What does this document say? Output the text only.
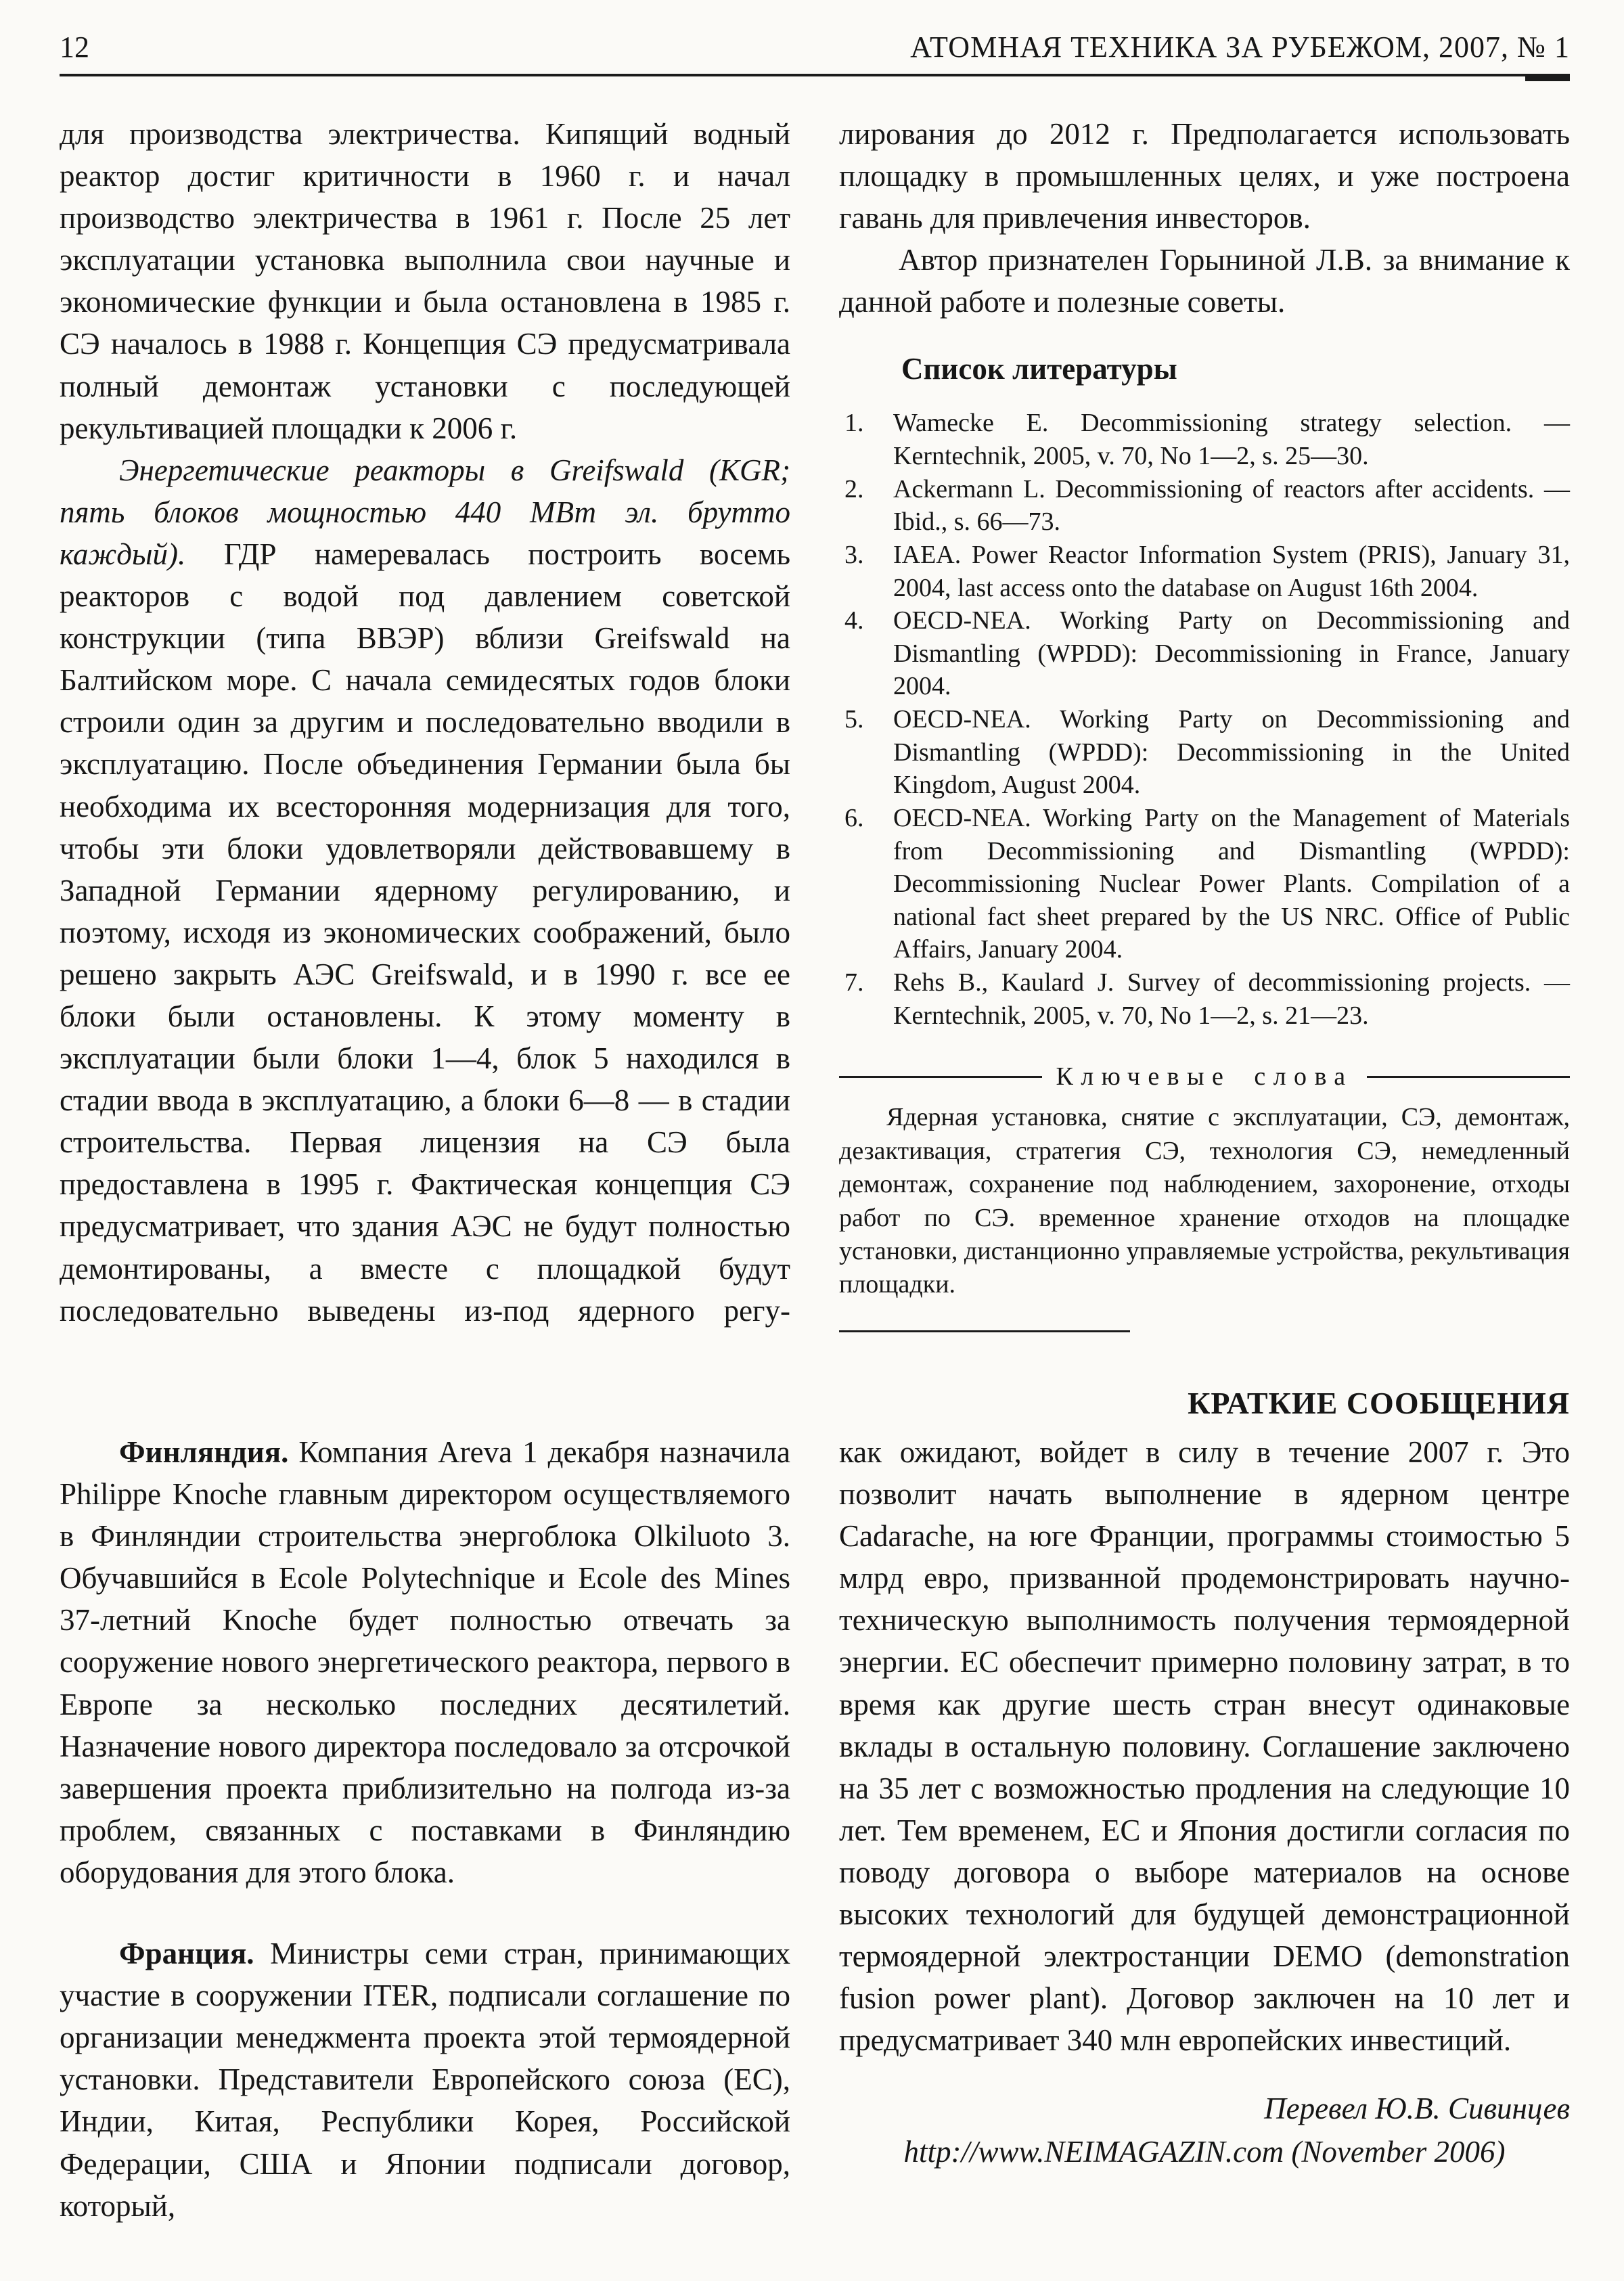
12	АТОМНАЯ ТЕХНИКА ЗА РУБЕЖОМ, 2007, № 1

для производства электричества. Кипящий водный реактор достиг критичности в 1960 г. и начал производство электричества в 1961 г. После 25 лет эксплуатации установка выполнила свои научные и экономические функции и была остановлена в 1985 г. СЭ началось в 1988 г. Концепция СЭ предусматривала полный демонтаж установки с последующей рекультивацией площадки к 2006 г.

Энергетические реакторы в Greifswald (KGR; пять блоков мощностью 440 МВт эл. брутто каждый). ГДР намеревалась построить восемь реакторов с водой под давлением советской конструкции (типа ВВЭР) вблизи Greifswald на Балтийском море. С начала семидесятых годов блоки строили один за другим и последовательно вводили в эксплуатацию. После объединения Германии была бы необходима их всесторонняя модернизация для того, чтобы эти блоки удовлетворяли действовавшему в Западной Германии ядерному регулированию, и поэтому, исходя из экономических соображений, было решено закрыть АЭС Greifswald, и в 1990 г. все ее блоки были остановлены. К этому моменту в эксплуатации были блоки 1—4, блок 5 находился в стадии ввода в эксплуатацию, а блоки 6—8 — в стадии строительства. Первая лицензия на СЭ была предоставлена в 1995 г. Фактическая концепция СЭ предусматривает, что здания АЭС не будут полностью демонтированы, а вместе с площадкой будут последовательно выведены из-под ядерного регу-

лирования до 2012 г. Предполагается использовать площадку в промышленных целях, и уже построена гавань для привлечения инвесторов.

Автор признателен Горыниной Л.В. за внимание к данной работе и полезные советы.

Список литературы
1. Wamecke E. Decommissioning strategy selection. — Kerntechnik, 2005, v. 70, No 1—2, s. 25—30.
2. Ackermann L. Decommissioning of reactors after accidents. — Ibid., s. 66—73.
3. IAEA. Power Reactor Information System (PRIS), January 31, 2004, last access onto the database on August 16th 2004.
4. OECD-NEA. Working Party on Decommissioning and Dismantling (WPDD): Decommissioning in France, January 2004.
5. OECD-NEA. Working Party on Decommissioning and Dismantling (WPDD): Decommissioning in the United Kingdom, August 2004.
6. OECD-NEA. Working Party on the Management of Materials from Decommissioning and Dismantling (WPDD): Decommissioning Nuclear Power Plants. Compilation of a national fact sheet prepared by the US NRC. Office of Public Affairs, January 2004.
7. Rehs B., Kaulard J. Survey of decommissioning projects. — Kerntechnik, 2005, v. 70, No 1—2, s. 21—23.
Ключевые слова

Ядерная установка, снятие с эксплуатации, СЭ, демонтаж, дезактивация, стратегия СЭ, технология СЭ, немедленный демонтаж, сохранение под наблюдением, захоронение, отходы работ по СЭ. временное хранение отходов на площадке установки, дистанционно управляемые устройства, рекультивация площадки.

КРАТКИЕ СООБЩЕНИЯ

Финляндия. Компания Areva 1 декабря назначила Philippe Knoche главным директором осуществляемого в Финляндии строительства энергоблока Olkiluoto 3. Обучавшийся в Ecole Polytechnique и Ecole des Mines 37-летний Knoche будет полностью отвечать за сооружение нового энергетического реактора, первого в Европе за несколько последних десятилетий. Назначение нового директора последовало за отсрочкой завершения проекта приблизительно на полгода из-за проблем, связанных с поставками в Финляндию оборудования для этого блока.

Франция. Министры семи стран, принимающих участие в сооружении ITER, подписали соглашение по организации менеджмента проекта этой термоядерной установки. Представители Европейского союза (ЕС), Индии, Китая, Республики Корея, Российской Федерации, США и Японии подписали договор, который,

как ожидают, войдет в силу в течение 2007 г. Это позволит начать выполнение в ядерном центре Cadarache, на юге Франции, программы стоимостью 5 млрд евро, призванной продемонстрировать научно-техническую выполнимость получения термоядерной энергии. ЕС обеспечит примерно половину затрат, в то время как другие шесть стран внесут одинаковые вклады в остальную половину. Соглашение заключено на 35 лет с возможностью продления на следующие 10 лет. Тем временем, ЕС и Япония достигли согласия по поводу договора о выборе материалов на основе высоких технологий для будущей демонстрационной термоядерной электростанции DEMO (demonstration fusion power plant). Договор заключен на 10 лет и предусматривает 340 млн европейских инвестиций.

Перевел Ю.В. Сивинцев

http://www.NEIMAGAZIN.com (November 2006)
